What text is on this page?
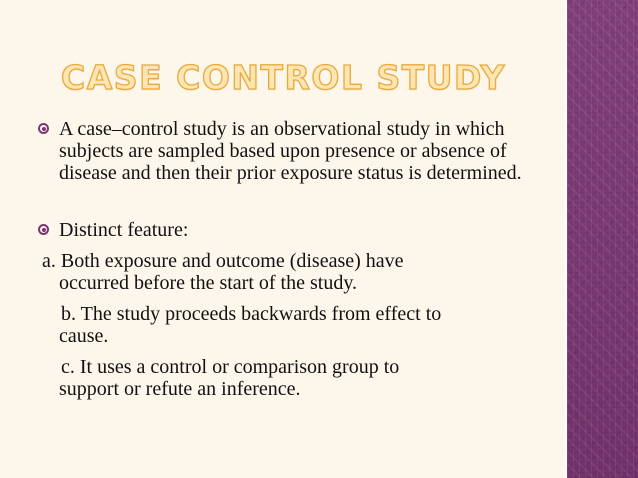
CASE CONTROL STUDY
A case–control study is an observational study in which subjects are sampled based upon presence or absence of disease and then their prior exposure status is determined.
Distinct feature:
a. Both exposure and outcome (disease) have
occurred before the start of the study.
b. The study proceeds backwards from effect to
cause.
c. It uses a control or comparison group to
support or refute an inference.
